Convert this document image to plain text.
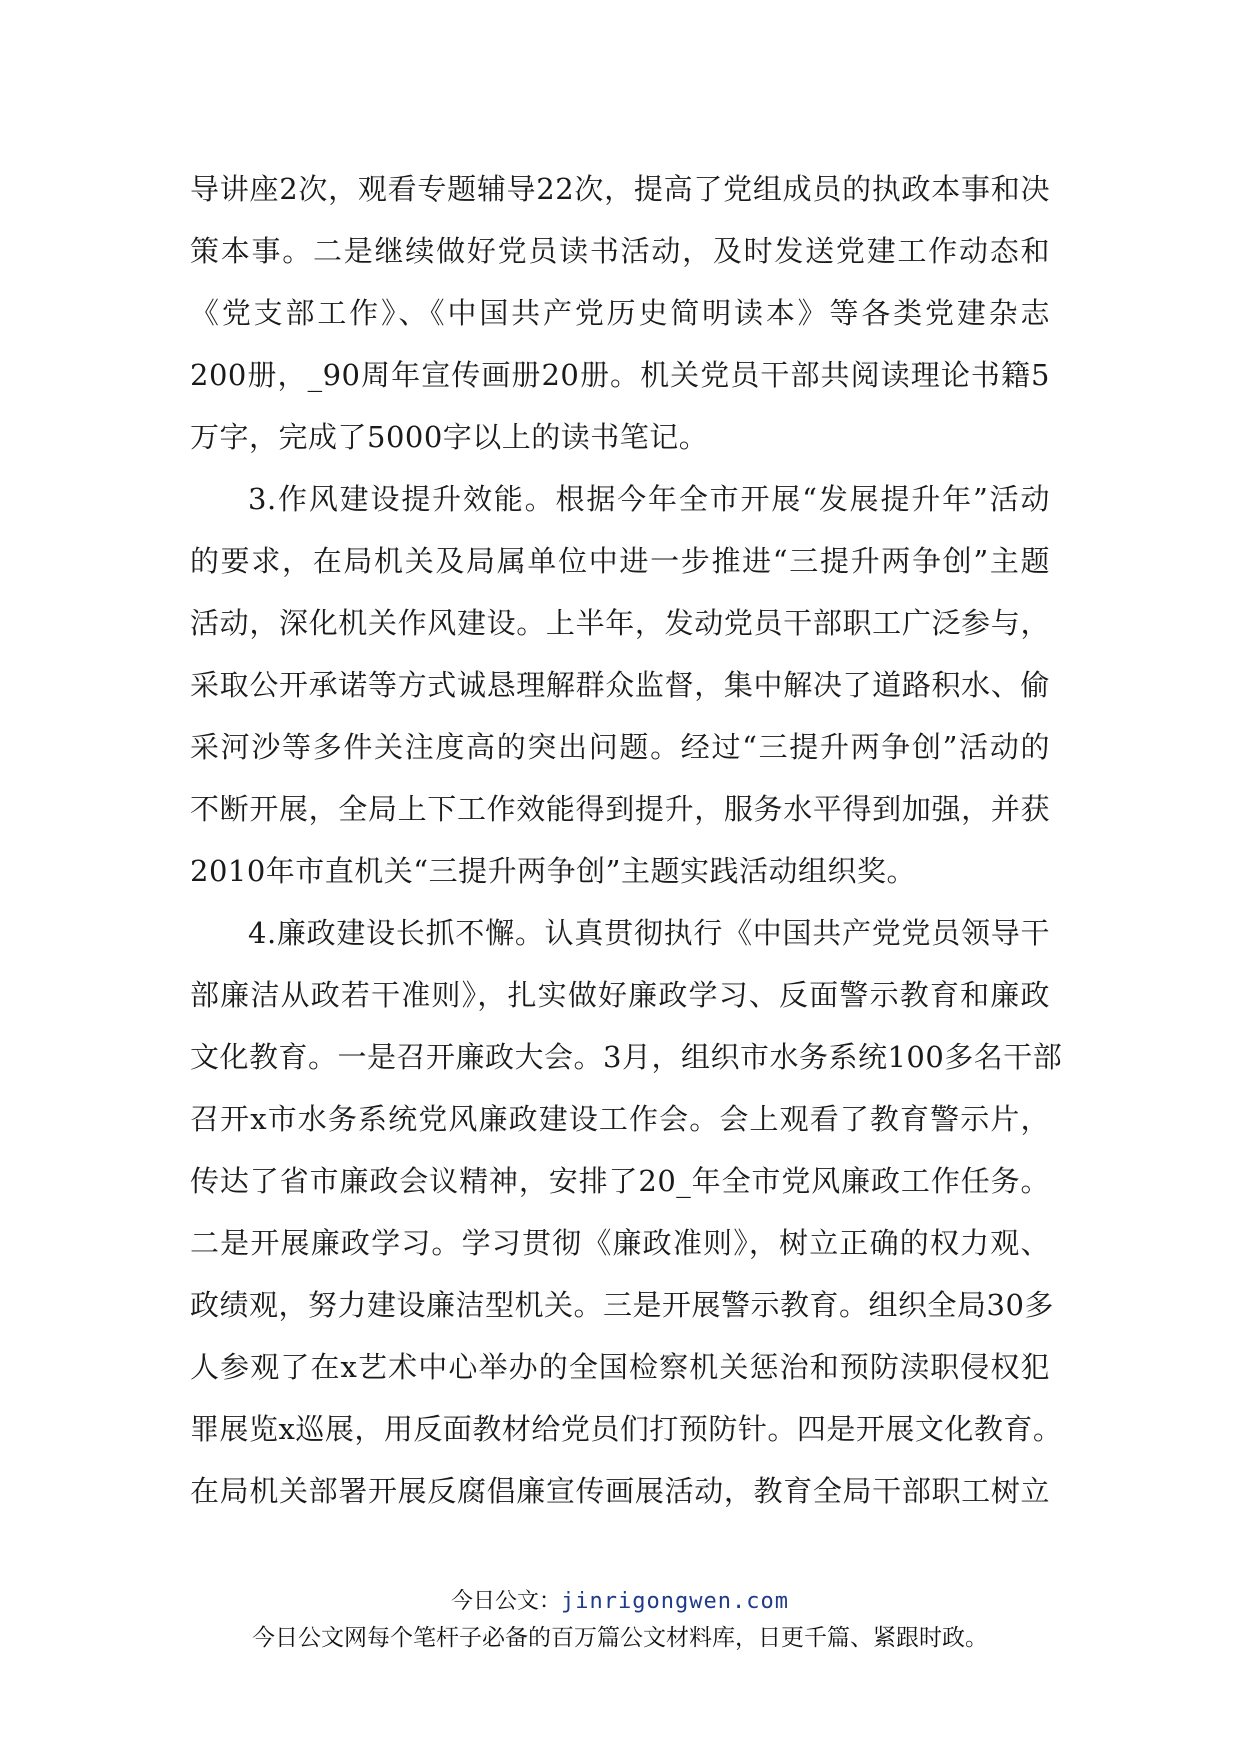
导讲座2次，观看专题辅导22次，提高了党组成员的执政本事和决
策本事。二是继续做好党员读书活动，及时发送党建工作动态和
《党支部工作》、《中国共产党历史简明读本》等各类党建杂志
200册，_90周年宣传画册20册。机关党员干部共阅读理论书籍5
万字，完成了5000字以上的读书笔记。
3.作风建设提升效能。根据今年全市开展“发展提升年”活动
的要求，在局机关及局属单位中进一步推进“三提升两争创”主题
活动，深化机关作风建设。上半年，发动党员干部职工广泛参与，
采取公开承诺等方式诚恳理解群众监督，集中解决了道路积水、偷
采河沙等多件关注度高的突出问题。经过“三提升两争创”活动的
不断开展，全局上下工作效能得到提升，服务水平得到加强，并获
2010年市直机关“三提升两争创”主题实践活动组织奖。
4.廉政建设长抓不懈。认真贯彻执行《中国共产党党员领导干
部廉洁从政若干准则》，扎实做好廉政学习、反面警示教育和廉政
文化教育。一是召开廉政大会。3月，组织市水务系统100多名干部
召开x市水务系统党风廉政建设工作会。会上观看了教育警示片，
传达了省市廉政会议精神，安排了20_年全市党风廉政工作任务。
二是开展廉政学习。学习贯彻《廉政准则》，树立正确的权力观、
政绩观，努力建设廉洁型机关。三是开展警示教育。组织全局30多
人参观了在x艺术中心举办的全国检察机关惩治和预防渎职侵权犯
罪展览x巡展，用反面教材给党员们打预防针。四是开展文化教育。
在局机关部署开展反腐倡廉宣传画展活动，教育全局干部职工树立
今日公文：jinrigongwen.com
今日公文网每个笔杆子必备的百万篇公文材料库，日更千篇、紧跟时政。
